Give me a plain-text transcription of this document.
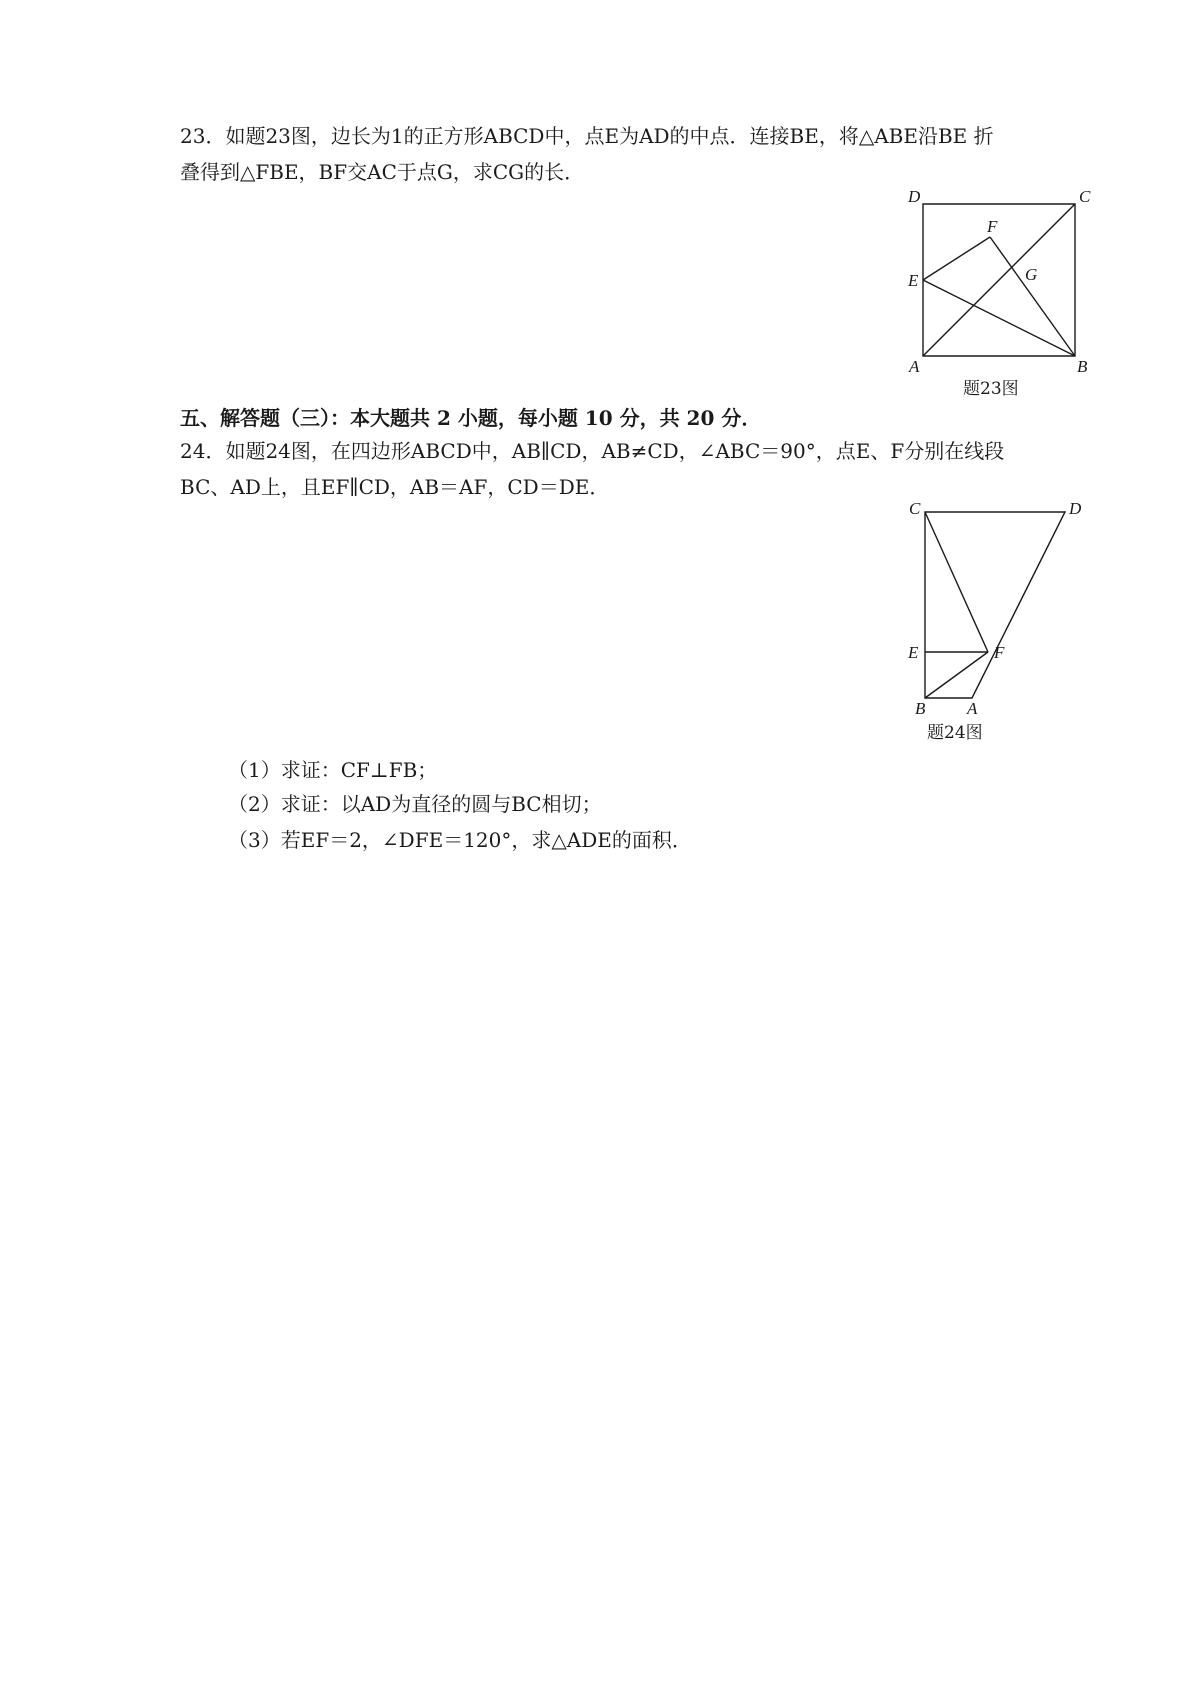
23．如题23图，边长为1的正方形ABCD中，点E为AD的中点．连接BE，将△ABE沿BE 折
叠得到△FBE，BF交AC于点G，求CG的长．
D	C
E
F
G
A	B
题23图
五、解答题（三）：本大题共 2 小题，每小题 10 分，共 20 分．
24．如题24图，在四边形ABCD中，AB∥CD，AB≠CD，∠ABC＝90°，点E、F分别在线段
BC、AD上，且EF∥CD，AB＝AF，CD＝DE．
C	D
E	F
B A
题24图
（1）求证：CF⊥FB；
（2）求证：以AD为直径的圆与BC相切；
（3）若EF＝2，∠DFE＝120°，求△ADE的面积．
